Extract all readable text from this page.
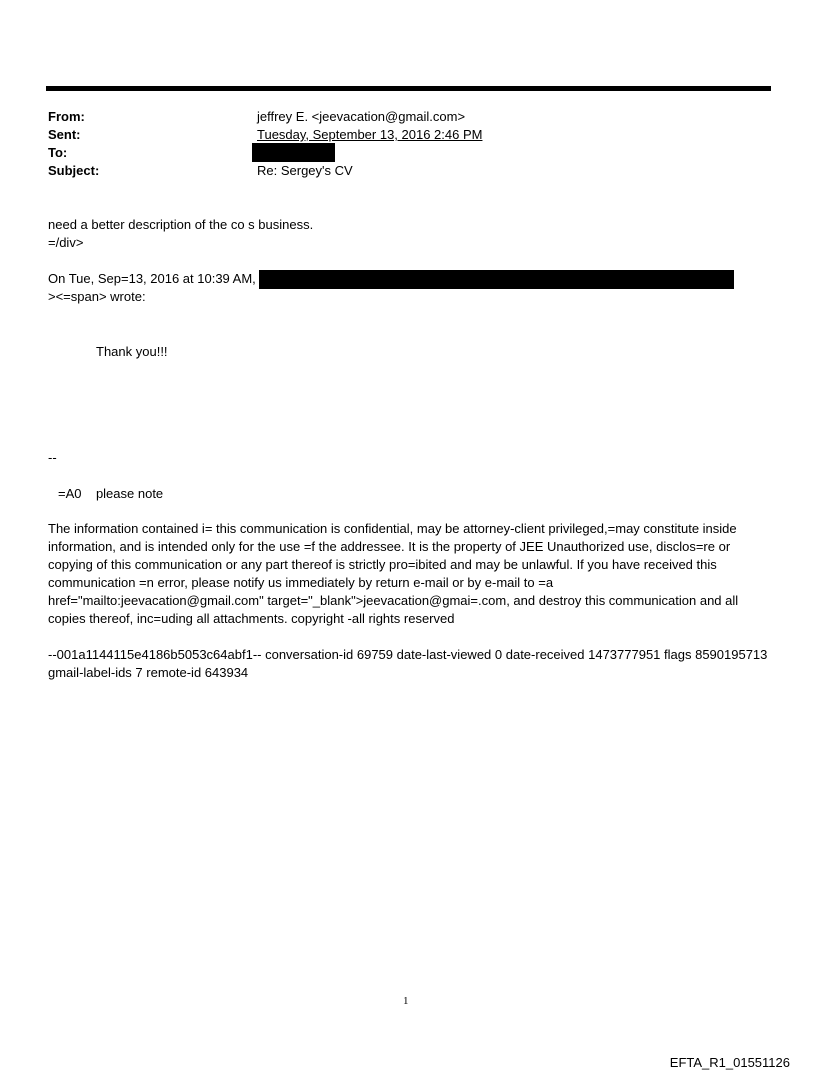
From:	jeffrey E. <jeevacation@gmail.com>
Sent:	Tuesday, September 13, 2016 2:46 PM
To:
Subject:	Re: Sergey's CV
need a better description of the co s business.
=/div>
On Tue, Sep=13, 2016 at 10:39 AM,
><=span> wrote:
Thank you!!!
--
=A0    please note
The information contained i= this communication is confidential, may be attorney-client privileged,=may constitute inside information, and is intended only for the use =f the addressee. It is the property of JEE Unauthorized use, disclos=re or copying of this communication or any part thereof is strictly pro=ibited and may be unlawful. If you have received this communication =n error, please notify us immediately by return e-mail or by e-mail to =a href="mailto:jeevacation@gmail.com" target="_blank">jeevacation@gmai=.com, and destroy this communication and all copies thereof, inc=uding all attachments. copyright -all rights reserved
--001a1144115e4186b5053c64abf1-- conversation-id 69759 date-last-viewed 0 date-received 1473777951 flags 8590195713 gmail-label-ids 7 remote-id 643934
1
EFTA_R1_01551126
